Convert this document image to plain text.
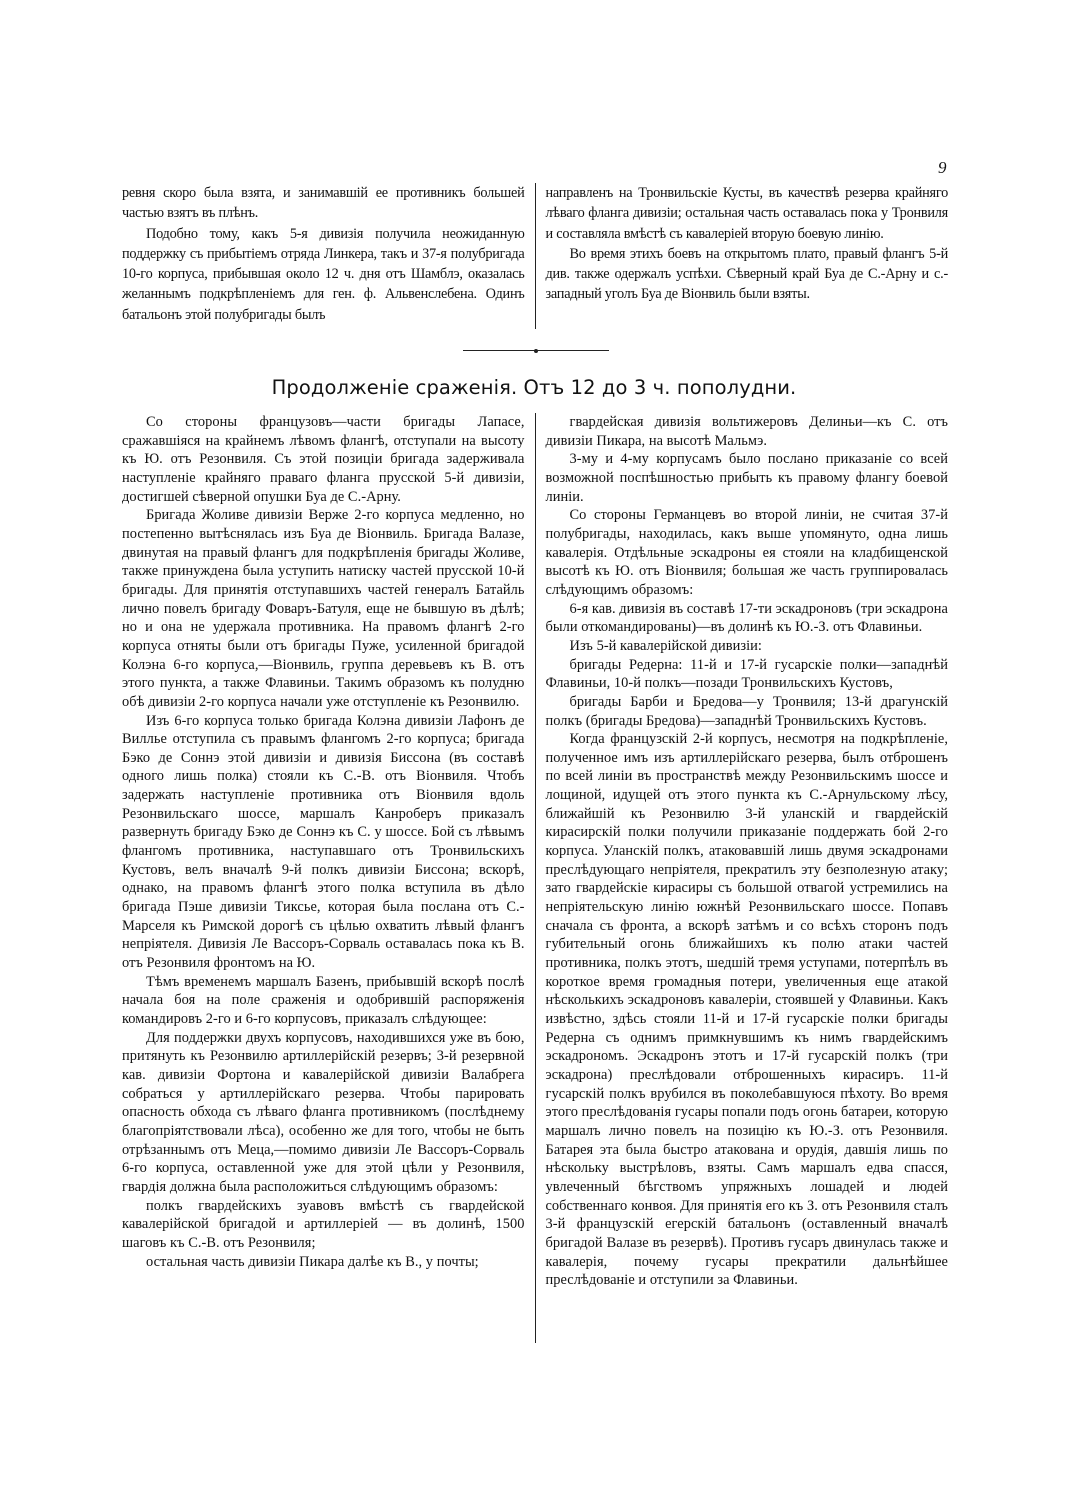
9

ревня скоро была взята, и занимавшій ее противникъ большей частью взятъ въ плѣнъ.

Подобно тому, какъ 5-я дивизія получила неожиданную поддержку съ прибытіемъ отряда Линкера, такъ и 37-я полубригада 10-го корпуса, прибывшая около 12 ч. дня отъ Шамблэ, оказалась желаннымъ подкрѣпленіемъ для ген. ф. Альвенслебена. Одинъ батальонъ этой полубригады былъ

направленъ на Тронвильскіе Кусты, въ качествѣ резерва крайняго лѣваго фланга дивизіи; остальная часть оставалась пока у Тронвиля и составляла вмѣстѣ съ кавалеріей вторую боевую линію.

Во время этихъ боевъ на открытомъ плато, правый флангъ 5-й див. также одержалъ успѣхи. Сѣверный край Буа де С.-Арну и с.-западный уголъ Буа де Віонвиль были взяты.

Продолженіе сраженія. Отъ 12 до 3 ч. пополудни.

Со стороны французовъ—части бригады Лапасе, сражавшіяся на крайнемъ лѣвомъ флангѣ, отступали на высоту къ Ю. отъ Резонвиля. Съ этой позиціи бригада задерживала наступленіе крайняго праваго фланга прусской 5-й дивизіи, достигшей сѣверной опушки Буа де С.-Арну.

Бригада Жоливе дивизіи Верже 2-го корпуса медленно, но постепенно вытѣснялась изъ Буа де Віонвиль. Бригада Валазе, двинутая на правый флангъ для подкрѣпленія бригады Жоливе, также принуждена была уступить натиску частей прусской 10-й бригады. Для принятія отступавшихъ частей генералъ Батайль лично повелъ бригаду Фоваръ-Батуля, еще не бывшую въ дѣлѣ; но и она не удержала противника. На правомъ флангѣ 2-го корпуса отняты были отъ бригады Пуже, усиленной бригадой Колэна 6-го корпуса,—Віонвиль, группа деревьевъ къ В. отъ этого пункта, а также Флавиньи. Такимъ образомъ къ полудню обѣ дивизіи 2-го корпуса начали уже отступленіе къ Резонвилю.

Изъ 6-го корпуса только бригада Колэна дивизіи Лафонъ де Виллье отступила съ правымъ флангомъ 2-го корпуса; бригада Бэко де Соннэ этой дивизіи и дивизія Биссона (въ составѣ одного лишь полка) стояли къ С.-В. отъ Віонвиля. Чтобъ задержать наступленіе противника отъ Віонвиля вдоль Резонвильскаго шоссе, маршалъ Канроберъ приказалъ развернуть бригаду Бэко де Соннэ къ С. у шоссе. Бой съ лѣвымъ флангомъ противника, наступавшаго отъ Тронвильскихъ Кустовъ, велъ вначалѣ 9-й полкъ дивизіи Биссона; вскорѣ, однако, на правомъ флангѣ этого полка вступила въ дѣло бригада Пэше дивизіи Тиксье, которая была послана отъ С.-Марселя къ Римской дорогѣ съ цѣлью охватить лѣвый флангъ непріятеля. Дивизія Ле Вассоръ-Сорваль оставалась пока къ В. отъ Резонвиля фронтомъ на Ю.

Тѣмъ временемъ маршалъ Базенъ, прибывшій вскорѣ послѣ начала боя на поле сраженія и одобрившій распоряженія командировъ 2-го и 6-го корпусовъ, приказалъ слѣдующее:

Для поддержки двухъ корпусовъ, находившихся уже въ бою, притянуть къ Резонвилю артиллерійскій резервъ; 3-й резервной кав. дивизіи Фортона и кавалерійской дивизіи Валабрега собраться у артиллерійскаго резерва. Чтобы парировать опасность обхода съ лѣваго фланга противникомъ (послѣднему благопріятствовали лѣса), особенно же для того, чтобы не быть отрѣзаннымъ отъ Меца,—помимо дивизіи Ле Вассоръ-Сорваль 6-го корпуса, оставленной уже для этой цѣли у Резонвиля, гвардія должна была расположиться слѣдующимъ образомъ:

полкъ гвардейскихъ зуавовъ вмѣстѣ съ гвардейской кавалерійской бригадой и артиллеріей — въ долинѣ, 1500 шаговъ къ С.-В. отъ Резонвиля;

остальная часть дивизіи Пикара далѣе къ В., у почты;

гвардейская дивизія вольтижеровъ Делиньи—къ С. отъ дивизіи Пикара, на высотѣ Мальмэ.

3-му и 4-му корпусамъ было послано приказаніе со всей возможной поспѣшностью прибыть къ правому флангу боевой линіи.

Со стороны Германцевъ во второй линіи, не считая 37-й полубригады, находилась, какъ выше упомянуто, одна лишь кавалерія. Отдѣльные эскадроны ея стояли на кладбищенской высотѣ къ Ю. отъ Віонвиля; большая же часть группировалась слѣдующимъ образомъ:

6-я кав. дивизія въ составѣ 17-ти эскадроновъ (три эскадрона были откомандированы)—въ долинѣ къ Ю.-З. отъ Флавиньи.

Изъ 5-й кавалерійской дивизіи:

бригады Редерна: 11-й и 17-й гусарскіе полки—западнѣй Флавиньи, 10-й полкъ—позади Тронвильскихъ Кустовъ,

бригады Барби и Бредова—у Тронвиля; 13-й драгунскій полкъ (бригады Бредова)—западнѣй Тронвильскихъ Кустовъ.

Когда французскій 2-й корпусъ, несмотря на подкрѣпленіе, полученное имъ изъ артиллерійскаго резерва, былъ отброшенъ по всей линіи въ пространствѣ между Резонвильскимъ шоссе и лощиной, идущей отъ этого пункта къ С.-Арнульскому лѣсу, ближайшій къ Резонвилю 3-й уланскій и гвардейскій кирасирскій полки получили приказаніе поддержать бой 2-го корпуса. Уланскій полкъ, атаковавшій лишь двумя эскадронами преслѣдующаго непріятеля, прекратилъ эту безполезную атаку; зато гвардейскіе кирасиры съ большой отвагой устремились на непріятельскую линію южнѣй Резонвильскаго шоссе. Попавъ сначала съ фронта, а вскорѣ затѣмъ и со всѣхъ сторонъ подъ губительный огонь ближайшихъ къ полю атаки частей противника, полкъ этотъ, шедшій тремя уступами, потерпѣлъ въ короткое время громадныя потери, увеличенныя еще атакой нѣсколькихъ эскадроновъ кавалеріи, стоявшей у Флавиньи. Какъ извѣстно, здѣсь стояли 11-й и 17-й гусарскіе полки бригады Редерна съ однимъ примкнувшимъ къ нимъ гвардейскимъ эскадрономъ. Эскадронъ этотъ и 17-й гусарскій полкъ (три эскадрона) преслѣдовали отброшенныхъ кирасиръ. 11-й гусарскій полкъ врубился въ поколебавшуюся пѣхоту. Во время этого преслѣдованія гусары попали подъ огонь батареи, которую маршалъ лично повелъ на позицію къ Ю.-З. отъ Резонвиля. Батарея эта была быстро атакована и орудія, давшія лишь по нѣскольку выстрѣловъ, взяты. Самъ маршалъ едва спасся, увлеченный бѣгствомъ упряжныхъ лошадей и людей собственнаго конвоя. Для принятія его къ З. отъ Резонвиля сталъ 3-й французскій егерскій батальонъ (оставленный вначалѣ бригадой Валазе въ резервѣ). Противъ гусаръ двинулась также и кавалерія, почему гусары прекратили дальнѣйшее преслѣдованіе и отступили за Флавиньи.
